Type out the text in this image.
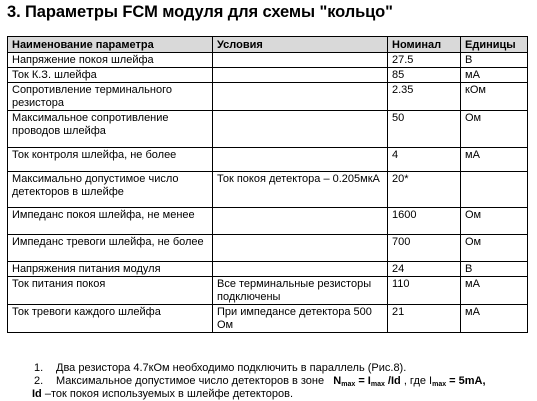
3. Параметры FCM модуля для схемы "кольцо"
Наименование параметра	Условия	Номинал	Единицы
Напряжение покоя шлейфа		27.5	В
Ток К.З. шлейфа		85	мА
Сопротивление терминального резистора		2.35	кОм
Максимальное сопротивление проводов шлейфа		50	Ом
Ток контроля шлейфа, не более		4	мА
Максимально допустимое число детекторов в шлейфе	Ток покоя детектора – 0.205мкА	20*	
Импеданс покоя шлейфа, не менее		1600	Ом
Импеданс тревоги шлейфа, не более		700	Ом
Напряжения питания модуля		24	В
Ток питания покоя	Все терминальные резисторы подключены	110	мА
Ток тревоги каждого шлейфа	При импедансе детектора 500 Ом	21	мА
1. Два резистора 4.7кОм необходимо подключить в параллель (Рис.8).
2. Максимальное допустимое число детекторов в зоне $N_{max} = I_{max}$ /Id , где $I_{max} = 5mA$,
Id –ток покоя используемых в шлейфе детекторов.
